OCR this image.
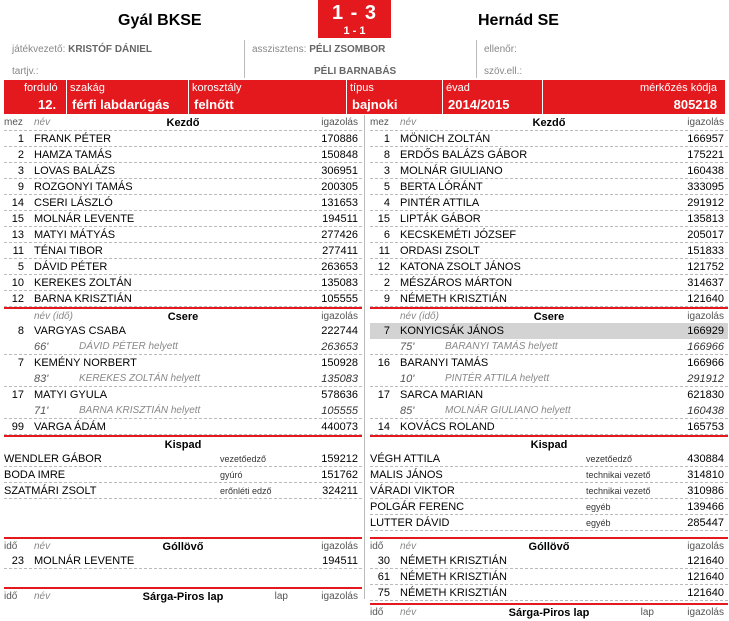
Gyál BKSE	1 - 3
1 - 1
Hernád SE
játékvezető: KRISTÓF DÁNIEL
tartjv.:
asszisztens: PÉLI ZSOMBOR
PÉLI BARNABÁS
ellenőr:
szöv.ell.:
forduló
12.
szakág
férfi labdarúgás
korosztály
felnőtt
típus
bajnoki
évad
2014/2015
mérkőzés kódja
805218
mez név	Kezdő	igazolás
1 FRANK PÉTER	170886
2 HAMZA TAMÁS	150848
3 LOVAS BALÁZS	306951
9 ROZGONYI TAMÁS	200305
14 CSERI LÁSZLÓ	131653
15 MOLNÁR LEVENTE	194511
13 MATYI MÁTYÁS	277426
11 TÉNAI TIBOR	277411
5 DÁVID PÉTER	263653
10 KEREKES ZOLTÁN	135083
12 BARNA KRISZTIÁN	105555
név (idő)	Csere	igazolás
8 VARGYAS CSABA	222744
66'	DÁVID PÉTER helyett	263653
7 KEMÉNY NORBERT	150928
83'	KEREKES ZOLTÁN helyett	135083
17 MATYI GYULA	578636
71'	BARNA KRISZTIÁN helyett	105555
99 VARGA ÁDÁM	440073
Kispad
WENDLER GÁBOR	vezetőedző	159212
BODA IMRE	gyúró	151762
SZATMÁRI ZSOLT	erőnléti edző	324211
idő név	Góllövő	igazolás
23 MOLNÁR LEVENTE	194511
idő név	Sárga-Piros lap	lap	igazolás
mez név	Kezdő	igazolás
1 MÖNICH ZOLTÁN	166957
8 ERDŐS BALÁZS GÁBOR	175221
3 MOLNÁR GIULIANO	160438
5 BERTA LÓRÁNT	333095
4 PINTÉR ATTILA	291912
15 LIPTÁK GÁBOR	135813
6 KECSKEMÉTI JÓZSEF	205017
11 ORDASI ZSOLT	151833
12 KATONA ZSOLT JÁNOS	121752
2 MÉSZÁROS MÁRTON	314637
9 NÉMETH KRISZTIÁN	121640
név (idő)	Csere	igazolás
7 KONYICSÁK JÁNOS	166929
75'	BARANYI TAMÁS helyett	166966
16 BARANYI TAMÁS	166966
10'	PINTÉR ATTILA helyett	291912
17 SARCA MARIAN	621830
85'	MOLNÁR GIULIANO helyett	160438
14 KOVÁCS ROLAND	165753
Kispad
VÉGH ATTILA	vezetőedző	430884
MALIS JÁNOS	technikai vezető	314810
VÁRADI VIKTOR	technikai vezető	310986
POLGÁR FERENC	egyéb	139466
LUTTER DÁVID	egyéb	285447
idő név	Góllövő	igazolás
30 NÉMETH KRISZTIÁN	121640
61 NÉMETH KRISZTIÁN	121640
75 NÉMETH KRISZTIÁN	121640
idő név	Sárga-Piros lap	lap	igazolás
